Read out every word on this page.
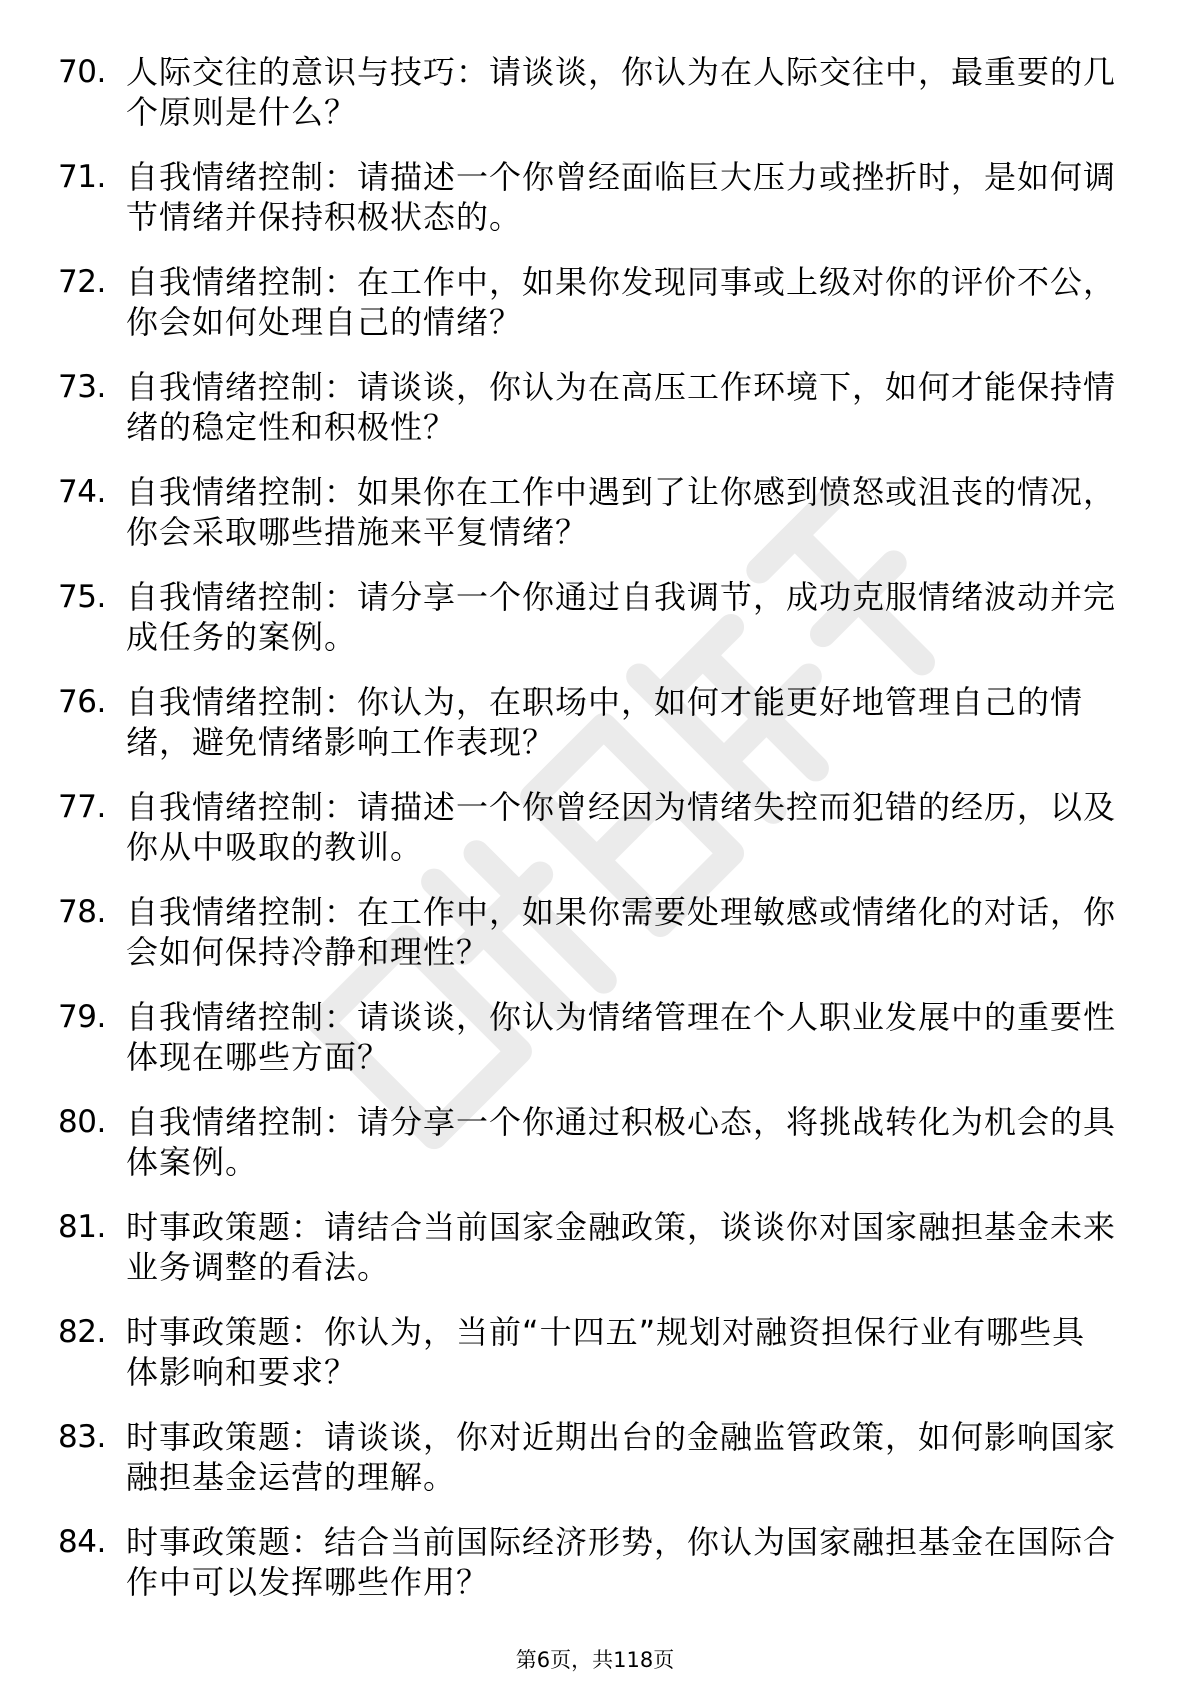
70. 人际交往的意识与技巧：请谈谈，你认为在人际交往中，最重要的几个原则是什么？
71. 自我情绪控制：请描述一个你曾经面临巨大压力或挫折时，是如何调节情绪并保持积极状态的。
72. 自我情绪控制：在工作中，如果你发现同事或上级对你的评价不公，你会如何处理自己的情绪？
73. 自我情绪控制：请谈谈，你认为在高压工作环境下，如何才能保持情绪的稳定性和积极性？
74. 自我情绪控制：如果你在工作中遇到了让你感到愤怒或沮丧的情况，你会采取哪些措施来平复情绪？
75. 自我情绪控制：请分享一个你通过自我调节，成功克服情绪波动并完成任务的案例。
76. 自我情绪控制：你认为，在职场中，如何才能更好地管理自己的情绪，避免情绪影响工作表现？
77. 自我情绪控制：请描述一个你曾经因为情绪失控而犯错的经历，以及你从中吸取的教训。
78. 自我情绪控制：在工作中，如果你需要处理敏感或情绪化的对话，你会如何保持冷静和理性？
79. 自我情绪控制：请谈谈，你认为情绪管理在个人职业发展中的重要性体现在哪些方面？
80. 自我情绪控制：请分享一个你通过积极心态，将挑战转化为机会的具体案例。
81. 时事政策题：请结合当前国家金融政策，谈谈你对国家融担基金未来业务调整的看法。
82. 时事政策题：你认为，当前“十四五”规划对融资担保行业有哪些具体影响和要求？
83. 时事政策题：请谈谈，你对近期出台的金融监管政策，如何影响国家融担基金运营的理解。
84. 时事政策题：结合当前国际经济形势，你认为国家融担基金在国际合作中可以发挥哪些作用？
第6页，共118页
